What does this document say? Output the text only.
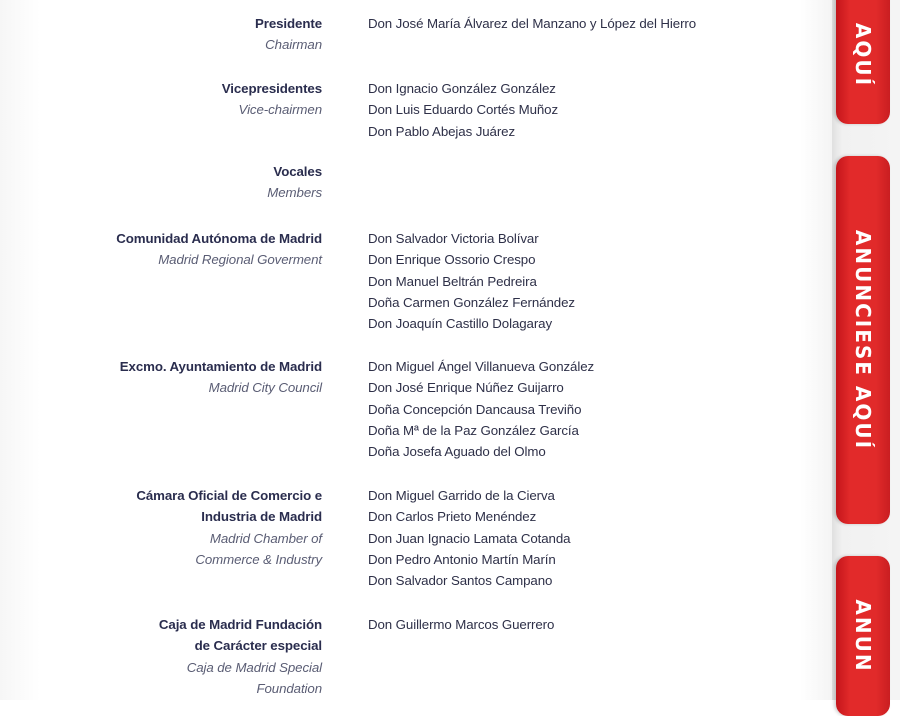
Presidente
Chairman
Don José María Álvarez del Manzano y López del Hierro
Vicepresidentes
Vice-chairmen
Don Ignacio González González
Don Luis Eduardo Cortés Muñoz
Don Pablo Abejas Juárez
Vocales
Members
Comunidad Autónoma de Madrid
Madrid Regional Goverment
Don Salvador Victoria Bolívar
Don Enrique Ossorio Crespo
Don Manuel Beltrán Pedreira
Doña Carmen González Fernández
Don Joaquín Castillo Dolagaray
Excmo. Ayuntamiento de Madrid
Madrid City Council
Don Miguel Ángel Villanueva González
Don José Enrique Núñez Guijarro
Doña Concepción Dancausa Treviño
Doña Mª de la Paz González García
Doña Josefa Aguado del Olmo
Cámara Oficial de Comercio e
Industria de Madrid
Madrid Chamber of
Commerce & Industry
Don Miguel Garrido de la Cierva
Don Carlos Prieto Menéndez
Don Juan Ignacio Lamata Cotanda
Don Pedro Antonio Martín Marín
Don Salvador Santos Campano
Caja de Madrid Fundación
de Carácter especial
Caja de Madrid Special
Foundation
Don Guillermo Marcos Guerrero
AQUÍ
ANUNCIESE AQUÍ
ANUN
